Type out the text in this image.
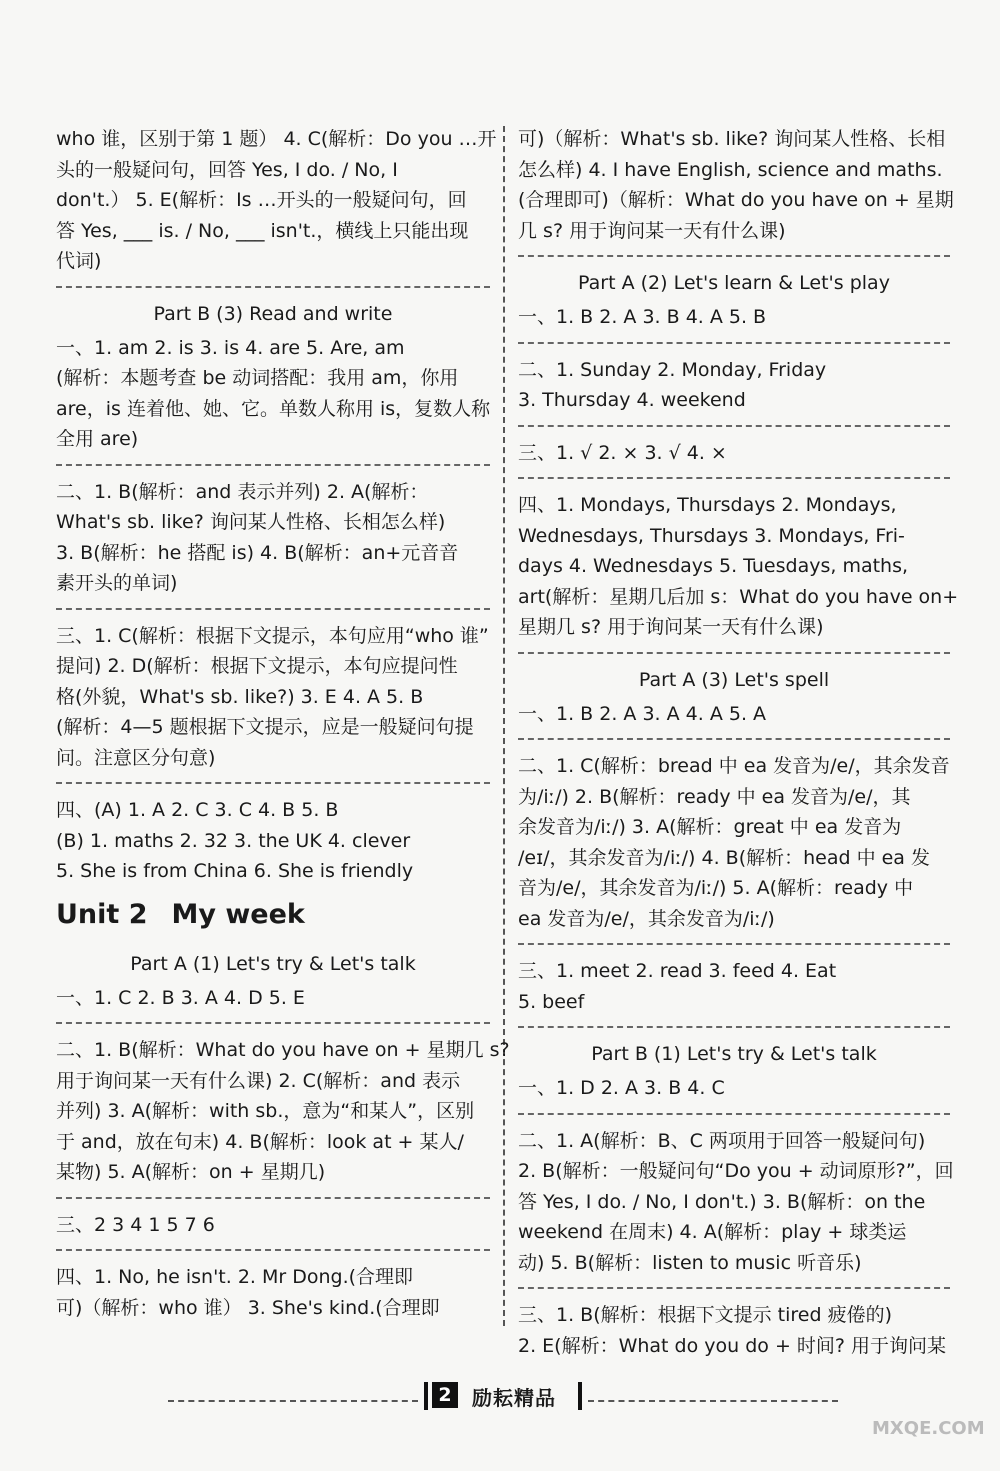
who 谁，区别于第 1 题） 4. C(解析：Do you …开

头的一般疑问句，回答 Yes, I do. / No, I

don't.） 5. E(解析：Is …开头的一般疑问句，回

答 Yes, ___ is. / No, ___ isn't.，横线上只能出现

代词)

Part B (3) Read and write

一、1. am 2. is 3. is 4. are 5. Are, am

(解析：本题考查 be 动词搭配：我用 am，你用

are，is 连着他、她、它。单数人称用 is，复数人称

全用 are)

二、1. B(解析：and 表示并列) 2. A(解析：

What's sb. like? 询问某人性格、长相怎么样)

3. B(解析：he 搭配 is) 4. B(解析：an+元音音

素开头的单词)

三、1. C(解析：根据下文提示，本句应用“who 谁”

提问) 2. D(解析：根据下文提示，本句应提问性

格(外貌，What's sb. like?) 3. E 4. A 5. B

(解析：4—5 题根据下文提示，应是一般疑问句提

问。注意区分句意)

四、(A) 1. A 2. C 3. C 4. B 5. B

(B) 1. maths 2. 32 3. the UK 4. clever

5. She is from China 6. She is friendly

Unit 2 My week
Part A (1) Let's try & Let's talk

一、1. C 2. B 3. A 4. D 5. E

二、1. B(解析：What do you have on + 星期几 s?

用于询问某一天有什么课) 2. C(解析：and 表示

并列) 3. A(解析：with sb.，意为“和某人”，区别

于 and，放在句末) 4. B(解析：look at + 某人/

某物) 5. A(解析：on + 星期几)

三、2 3 4 1 5 7 6

四、1. No, he isn't. 2. Mr Dong.(合理即

可)（解析：who 谁） 3. She's kind.(合理即

可)（解析：What's sb. like? 询问某人性格、长相

怎么样) 4. I have English, science and maths.

(合理即可)（解析：What do you have on + 星期

几 s? 用于询问某一天有什么课)

Part A (2) Let's learn & Let's play

一、1. B 2. A 3. B 4. A 5. B

二、1. Sunday 2. Monday, Friday

3. Thursday 4. weekend

三、1. √ 2. × 3. √ 4. ×

四、1. Mondays, Thursdays 2. Mondays,

Wednesdays, Thursdays 3. Mondays, Fri-

days 4. Wednesdays 5. Tuesdays, maths,

art(解析：星期几后加 s：What do you have on+

星期几 s? 用于询问某一天有什么课)

Part A (3) Let's spell

一、1. B 2. A 3. A 4. A 5. A

二、1. C(解析：bread 中 ea 发音为/e/，其余发音

为/iː/) 2. B(解析：ready 中 ea 发音为/e/，其

余发音为/iː/) 3. A(解析：great 中 ea 发音为

/eɪ/，其余发音为/iː/) 4. B(解析：head 中 ea 发

音为/e/，其余发音为/iː/) 5. A(解析：ready 中

ea 发音为/e/，其余发音为/iː/)

三、1. meet 2. read 3. feed 4. Eat

5. beef

Part B (1) Let's try & Let's talk

一、1. D 2. A 3. B 4. C

二、1. A(解析：B、C 两项用于回答一般疑问句)

2. B(解析：一般疑问句“Do you + 动词原形?”，回

答 Yes, I do. / No, I don't.) 3. B(解析：on the

weekend 在周末) 4. A(解析：play + 球类运

动) 5. B(解析：listen to music 听音乐)

三、1. B(解析：根据下文提示 tired 疲倦的)

2. E(解析：What do you do + 时间? 用于询问某

2	励耘精品
MXQE.COM
